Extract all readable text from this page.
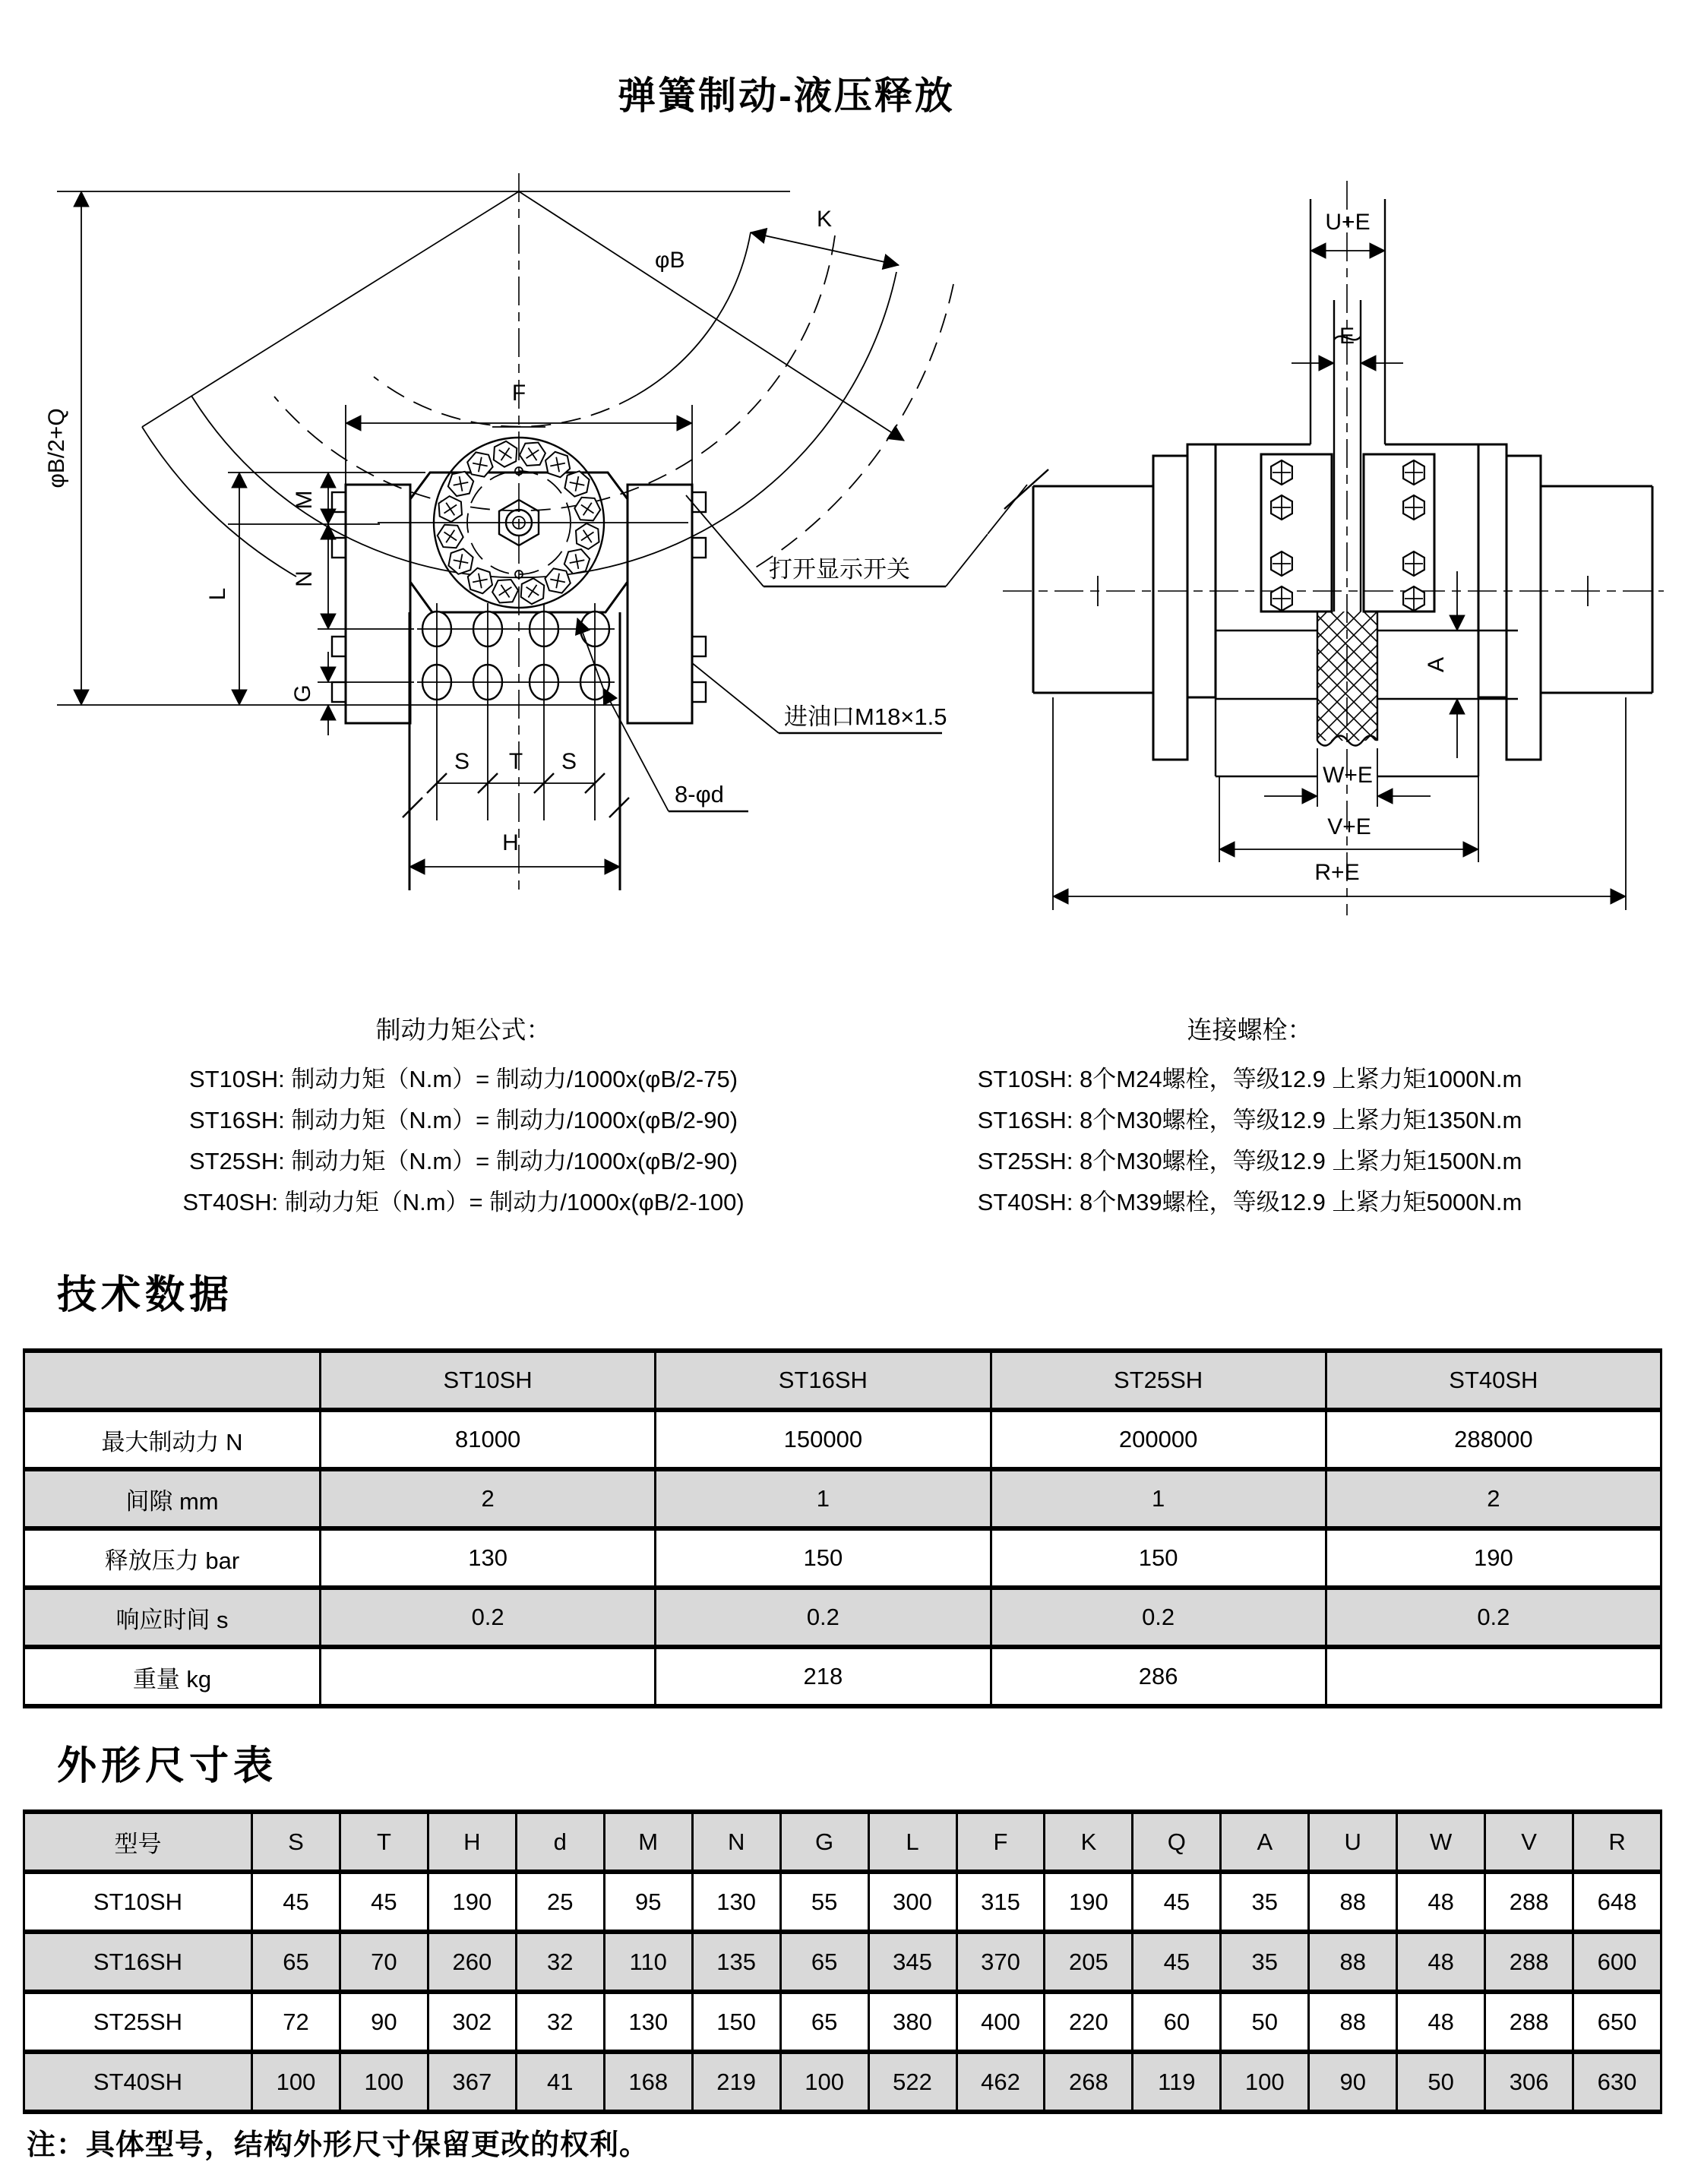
弹簧制动-液压释放
K
φB
φB/2+Q
L
M
N
G
F
S T S
H
8-φd
进油口M18×1.5
打开显示开关
U+E
E
A
W+E
V+E
R+E
制动力矩公式：
ST10SH: 制动力矩（N.m）= 制动力/1000x(φB/2-75)
ST16SH: 制动力矩（N.m）= 制动力/1000x(φB/2-90)
ST25SH: 制动力矩（N.m）= 制动力/1000x(φB/2-90)
ST40SH: 制动力矩（N.m）= 制动力/1000x(φB/2-100)
连接螺栓：
ST10SH: 8个M24螺栓，等级12.9 上紧力矩1000N.m
ST16SH: 8个M30螺栓，等级12.9 上紧力矩1350N.m
ST25SH: 8个M30螺栓，等级12.9 上紧力矩1500N.m
ST40SH: 8个M39螺栓，等级12.9 上紧力矩5000N.m
技术数据
	ST10SH	ST16SH	ST25SH	ST40SH
最大制动力 N	81000	150000	200000	288000
间隙 mm	2	1	1	2
释放压力 bar	130	150	150	190
响应时间 s	0.2	0.2	0.2	0.2
重量 kg		218	286	
外形尺寸表
型号	S	T	H	d	M	N	G	L	F	K	Q	A	U	W	V	R
ST10SH	45	45	190	25	95	130	55	300	315	190	45	35	88	48	288	648
ST16SH	65	70	260	32	110	135	65	345	370	205	45	35	88	48	288	600
ST25SH	72	90	302	32	130	150	65	380	400	220	60	50	88	48	288	650
ST40SH	100	100	367	41	168	219	100	522	462	268	119	100	90	50	306	630
注：具体型号，结构外形尺寸保留更改的权利。
